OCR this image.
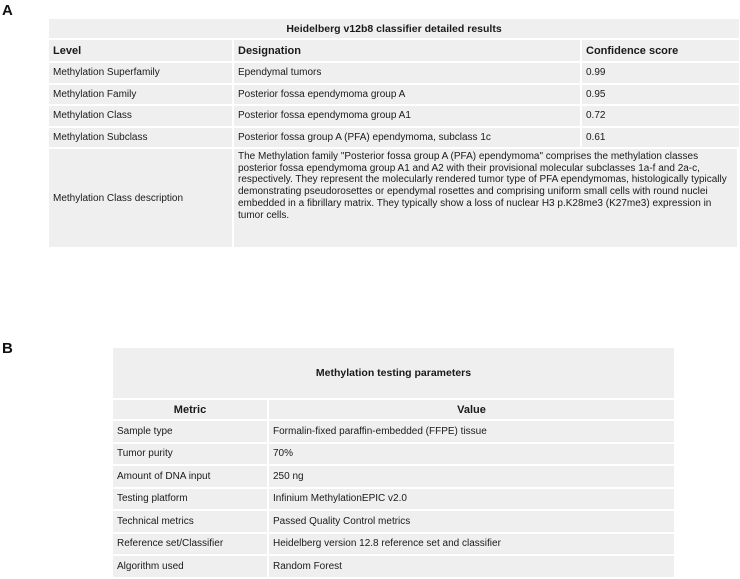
A
Heidelberg v12b8 classifier detailed results		
Level	Designation	Confidence score
Methylation Superfamily	Ependymal tumors	0.99
Methylation Family	Posterior fossa ependymoma group A	0.95
Methylation Class	Posterior fossa ependymoma group A1	0.72
Methylation Subclass	Posterior fossa group A (PFA) ependymoma, subclass 1c	0.61
Methylation Class description	The Methylation family "Posterior fossa group A (PFA) ependymoma" comprises the methylation classes posterior fossa ependymoma group A1 and A2 with their provisional molecular subclasses 1a-f and 2a-c, respectively. They represent the molecularly rendered tumor type of PFA ependymomas, histologically typically demonstrating pseudorosettes or ependymal rosettes and comprising uniform small cells with round nuclei embedded in a fibrillary matrix. They typically show a loss of nuclear H3 p.K28me3 (K27me3) expression in tumor cells.	
B
Methylation testing parameters	
Metric	Value
Sample type	Formalin-fixed paraffin-embedded (FFPE) tissue
Tumor purity	70%
Amount of DNA input	250 ng
Testing platform	Infinium MethylationEPIC v2.0
Technical metrics	Passed Quality Control metrics
Reference set/Classifier	Heidelberg version 12.8 reference set and classifier
Algorithm used	Random Forest
